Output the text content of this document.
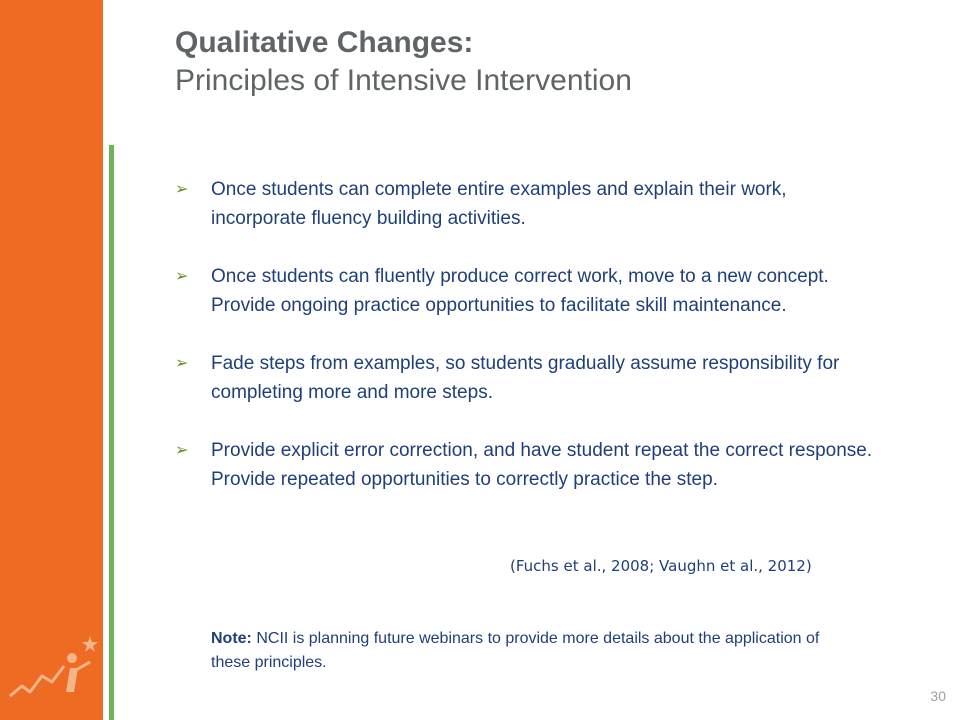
Qualitative Changes:
Principles of Intensive Intervention
➢	Once students can complete entire examples and explain their work, incorporate fluency building activities.
➢	Once students can fluently produce correct work, move to a new concept. Provide ongoing practice opportunities to facilitate skill maintenance.
➢	Fade steps from examples, so students gradually assume responsibility for completing more and more steps.
➢	Provide explicit error correction, and have student repeat the correct response. Provide repeated opportunities to correctly practice the step.
(Fuchs et al., 2008; Vaughn et al., 2012)
Note: NCII is planning future webinars to provide more details about the application of these principles.
30
